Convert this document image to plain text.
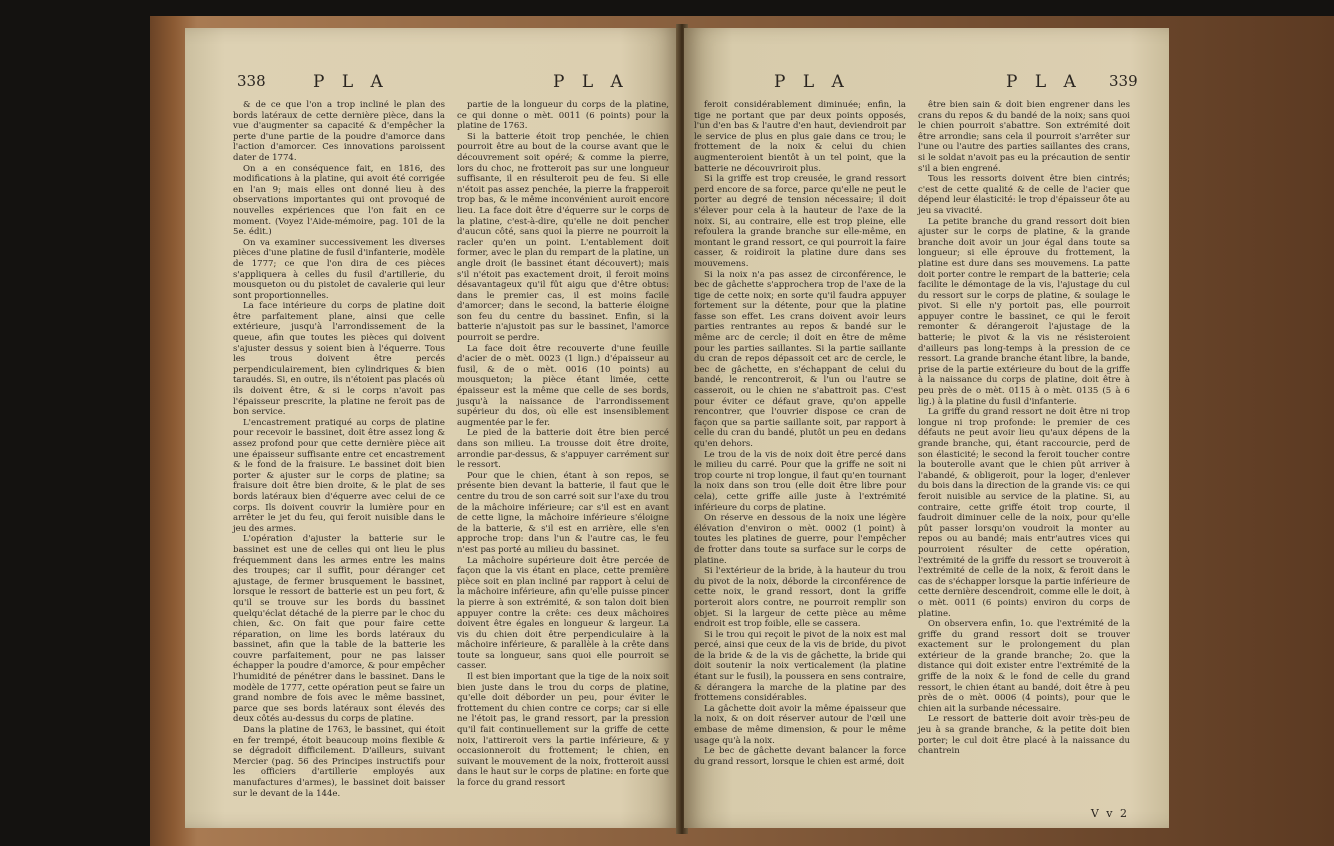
338	P L A	P L A

& de ce que l'on a trop incliné le plan des bords latéraux de cette dernière pièce, dans la vue d'augmenter sa capacité & d'empêcher la perte d'une partie de la poudre d'amorce dans l'action d'amorcer. Ces innovations paroissent dater de 1774.

On a en conséquence fait, en 1816, des modifications à la platine, qui avoit été corrigée en l'an 9; mais elles ont donné lieu à des observations importantes qui ont provoqué de nouvelles expériences que l'on fait en ce moment. (Voyez l'Aide-mémoire, pag. 101 de la 5e. édit.)

On va examiner successivement les diverses pièces d'une platine de fusil d'infanterie, modèle de 1777; ce que l'on dira de ces pièces s'appliquera à celles du fusil d'artillerie, du mousqueton ou du pistolet de cavalerie qui leur sont proportionnelles.

La face intérieure du corps de platine doit être parfaitement plane, ainsi que celle extérieure, jusqu'à l'arrondissement de la queue, afin que toutes les pièces qui doivent s'ajuster dessus y soient bien à l'équerre. Tous les trous doivent être percés perpendiculairement, bien cylindriques & bien taraudés. Si, en outre, ils n'étoient pas placés où ils doivent être, & si le corps n'avoit pas l'épaisseur prescrite, la platine ne feroit pas de bon service.

L'encastrement pratiqué au corps de platine pour recevoir le bassinet, doit être assez long & assez profond pour que cette dernière pièce ait une épaisseur suffisante entre cet encastrement & le fond de la fraisure. Le bassinet doit bien porter & ajuster sur le corps de platine; sa fraisure doit être bien droite, & le plat de ses bords latéraux bien d'équerre avec celui de ce corps. Ils doivent couvrir la lumière pour en arrêter le jet du feu, qui feroit nuisible dans le jeu des armes.

L'opération d'ajuster la batterie sur le bassinet est une de celles qui ont lieu le plus fréquemment dans les armes entre les mains des troupes; car il suffit, pour déranger cet ajustage, de fermer brusquement le bassinet, lorsque le ressort de batterie est un peu fort, & qu'il se trouve sur les bords du bassinet quelqu'éclat détaché de la pierre par le choc du chien, &c. On fait que pour faire cette réparation, on lime les bords latéraux du bassinet, afin que la table de la batterie les couvre parfaitement, pour ne pas laisser échapper la poudre d'amorce, & pour empêcher l'humidité de pénétrer dans le bassinet. Dans le modèle de 1777, cette opération peut se faire un grand nombre de fois avec le même bassinet, parce que ses bords latéraux sont élevés des deux côtés au-dessus du corps de platine.

Dans la platine de 1763, le bassinet, qui étoit en fer trempé, étoit beaucoup moins flexible & se dégradoit difficilement. D'ailleurs, suivant Mercier (pag. 56 des Principes instructifs pour les officiers d'artillerie employés aux manufactures d'armes), le bassinet doit baisser sur le devant de la 144e.

partie de la longueur du corps de la platine, ce qui donne o mèt. 0011 (6 points) pour la platine de 1763.

Si la batterie étoit trop penchée, le chien pourroit être au bout de la course avant que le découvrement soit opéré; & comme la pierre, lors du choc, ne frotteroit pas sur une longueur suffisante, il en résulteroit peu de feu. Si elle n'étoit pas assez penchée, la pierre la frapperoit trop bas, & le même inconvénient auroit encore lieu. La face doit être d'équerre sur le corps de la platine, c'est-à-dire, qu'elle ne doit pencher d'aucun côté, sans quoi la pierre ne pourroit la racler qu'en un point. L'entablement doit former, avec le plan du rempart de la platine, un angle droit (le bassinet étant découvert); mais s'il n'étoit pas exactement droit, il feroit moins désavantageux qu'il fût aigu que d'être obtus: dans le premier cas, il est moins facile d'amorcer; dans le second, la batterie éloigne son feu du centre du bassinet. Enfin, si la batterie n'ajustoit pas sur le bassinet, l'amorce pourroit se perdre.

La face doit être recouverte d'une feuille d'acier de o mèt. 0023 (1 lign.) d'épaisseur au fusil, & de o mèt. 0016 (10 points) au mousqueton; la pièce étant limée, cette épaisseur est la même que celle de ses bords, jusqu'à la naissance de l'arrondissement supérieur du dos, où elle est insensiblement augmentée par le fer.

Le pied de la batterie doit être bien percé dans son milieu. La trousse doit être droite, arrondie par-dessus, & s'appuyer carrément sur le ressort.

Pour que le chien, étant à son repos, se présente bien devant la batterie, il faut que le centre du trou de son carré soit sur l'axe du trou de la mâchoire inférieure; car s'il est en avant de cette ligne, la mâchoire inférieure s'éloigne de la batterie, & s'il est en arrière, elle s'en approche trop: dans l'un & l'autre cas, le feu n'est pas porté au milieu du bassinet.

La mâchoire supérieure doit être percée de façon que la vis étant en place, cette première pièce soit en plan incliné par rapport à celui de la mâchoire inférieure, afin qu'elle puisse pincer la pierre à son extrémité, & son talon doit bien appuyer contre la crête: ces deux mâchoires doivent être égales en longueur & largeur. La vis du chien doit être perpendiculaire à la mâchoire inférieure, & parallèle à la crête dans toute sa longueur, sans quoi elle pourroit se casser.

Il est bien important que la tige de la noix soit bien juste dans le trou du corps de platine, qu'elle doit déborder un peu, pour éviter le frottement du chien contre ce corps; car si elle ne l'étoit pas, le grand ressort, par la pression qu'il fait continuellement sur la griffe de cette noix, l'attireroit vers la partie inférieure, & y occasionneroit du frottement; le chien, en suivant le mouvement de la noix, frotteroit aussi dans le haut sur le corps de platine: en forte que la force du grand ressort

P L A	P L A 339

feroit considérablement diminuée; enfin, la tige ne portant que par deux points opposés, l'un d'en bas & l'autre d'en haut, deviendroit par le service de plus en plus gaie dans ce trou; le frottement de la noix & celui du chien augmenteroient bientôt à un tel point, que la batterie ne découvriroit plus.

Si la griffe est trop creusée, le grand ressort perd encore de sa force, parce qu'elle ne peut le porter au degré de tension nécessaire; il doit s'élever pour cela à la hauteur de l'axe de la noix. Si, au contraire, elle est trop pleine, elle refoulera la grande branche sur elle-même, en montant le grand ressort, ce qui pourroit la faire casser, & roidiroit la platine dure dans ses mouvemens.

Si la noix n'a pas assez de circonférence, le bec de gâchette s'approchera trop de l'axe de la tige de cette noix; en sorte qu'il faudra appuyer fortement sur la détente, pour que la platine fasse son effet. Les crans doivent avoir leurs parties rentrantes au repos & bandé sur le même arc de cercle; il doit en être de même pour les parties saillantes. Si la partie saillante du cran de repos dépassoit cet arc de cercle, le bec de gâchette, en s'échappant de celui du bandé, le rencontreroit, & l'un ou l'autre se casseroit, ou le chien ne s'abattroit pas. C'est pour éviter ce défaut grave, qu'on appelle rencontrer, que l'ouvrier dispose ce cran de façon que sa partie saillante soit, par rapport à celle du cran du bandé, plutôt un peu en dedans qu'en dehors.

Le trou de la vis de noix doit être percé dans le milieu du carré. Pour que la griffe ne soit ni trop courte ni trop longue, il faut qu'en tournant la noix dans son trou (elle doit être libre pour cela), cette griffe aille juste à l'extrémité inférieure du corps de platine.

On réserve en dessous de la noix une légère élévation d'environ o mèt. 0002 (1 point) à toutes les platines de guerre, pour l'empêcher de frotter dans toute sa surface sur le corps de platine.

Si l'extérieur de la bride, à la hauteur du trou du pivot de la noix, déborde la circonférence de cette noix, le grand ressort, dont la griffe porteroit alors contre, ne pourroit remplir son objet. Si la largeur de cette pièce au même endroit est trop foible, elle se cassera.

Si le trou qui reçoit le pivot de la noix est mal percé, ainsi que ceux de la vis de bride, du pivot de la bride & de la vis de gâchette, la bride qui doit soutenir la noix verticalement (la platine étant sur le fusil), la poussera en sens contraire, & dérangera la marche de la platine par des frottemens considérables.

La gâchette doit avoir la même épaisseur que la noix, & on doit réserver autour de l'œil une embase de même dimension, & pour le même usage qu'à la noix.

Le bec de gâchette devant balancer la force du grand ressort, lorsque le chien est armé, doit

être bien sain & doit bien engrener dans les crans du repos & du bandé de la noix; sans quoi le chien pourroit s'abattre. Son extrémité doit être arrondie; sans cela il pourroit s'arrêter sur l'une ou l'autre des parties saillantes des crans, si le soldat n'avoit pas eu la précaution de sentir s'il a bien engrené.

Tous les ressorts doivent être bien cintrés; c'est de cette qualité & de celle de l'acier que dépend leur élasticité: le trop d'épaisseur ôte au jeu sa vivacité.

La petite branche du grand ressort doit bien ajuster sur le corps de platine, & la grande branche doit avoir un jour égal dans toute sa longueur; si elle éprouve du frottement, la platine est dure dans ses mouvemens. La patte doit porter contre le rempart de la batterie; cela facilite le démontage de la vis, l'ajustage du cul du ressort sur le corps de platine, & soulage le pivot. Si elle n'y portoit pas, elle pourroit appuyer contre le bassinet, ce qui le feroit remonter & dérangeroit l'ajustage de la batterie; le pivot & la vis ne résisteroient d'ailleurs pas long-temps à la pression de ce ressort. La grande branche étant libre, la bande, prise de la partie extérieure du bout de la griffe à la naissance du corps de platine, doit être à peu près de o mèt. 0115 à o mèt. 0135 (5 à 6 lig.) à la platine du fusil d'infanterie.

La griffe du grand ressort ne doit être ni trop longue ni trop profonde: le premier de ces défauts ne peut avoir lieu qu'aux dépens de la grande branche, qui, étant raccourcie, perd de son élasticité; le second la feroit toucher contre la bouterolle avant que le chien pût arriver à l'abandé, & obligeroit, pour la loger, d'enlever du bois dans la direction de la grande vis: ce qui feroit nuisible au service de la platine. Si, au contraire, cette griffe étoit trop courte, il faudroit diminuer celle de la noix, pour qu'elle pût passer lorsqu'on voudroit la monter au repos ou au bandé; mais entr'autres vices qui pourroient résulter de cette opération, l'extrémité de la griffe du ressort se trouveroit à l'extrémité de celle de la noix, & feroit dans le cas de s'échapper lorsque la partie inférieure de cette dernière descendroit, comme elle le doit, à o mèt. 0011 (6 points) environ du corps de platine.

On observera enfin, 1o. que l'extrémité de la griffe du grand ressort doit se trouver exactement sur le prolongement du plan extérieur de la grande branche; 2o. que la distance qui doit exister entre l'extrémité de la griffe de la noix & le fond de celle du grand ressort, le chien étant au bandé, doit être à peu près de o mèt. 0006 (4 points), pour que le chien ait la surbande nécessaire.

Le ressort de batterie doit avoir très-peu de jeu à sa grande branche, & la petite doit bien porter; le cul doit être placé à la naissance du chantrein

V v 2
